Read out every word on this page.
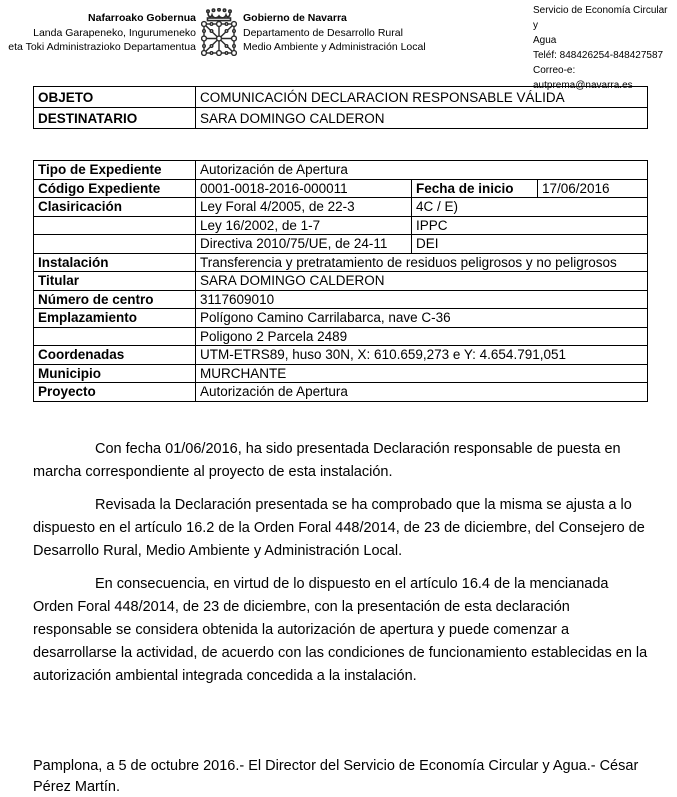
Nafarroako Gobernua
Landa Garapeneko, Ingurumeneko
eta Toki Administrazioko Departamentua
Gobierno de Navarra
Departamento de Desarrollo Rural
Medio Ambiente y Administración Local
Servicio de Economía Circular y
Agua
Teléf: 848426254-848427587
Correo-e: autprema@navarra.es
OBJETO	COMUNICACIÓN DECLARACION RESPONSABLE VÁLIDA
DESTINATARIO	SARA DOMINGO CALDERON
Tipo de Expediente	Autorización de Apertura		
Código Expediente	0001-0018-2016-000011	Fecha de inicio	17/06/2016
Clasiricación	Ley Foral 4/2005, de 22-3	4C / E)	
	Ley 16/2002, de 1-7	IPPC	
	Directiva 2010/75/UE, de 24-11	DEI	
Instalación	Transferencia y pretratamiento de residuos peligrosos y no peligrosos		
Titular	SARA DOMINGO CALDERON		
Número de centro	3117609010		
Emplazamiento	Polígono Camino Carrilabarca, nave C-36		
	Poligono 2 Parcela 2489		
Coordenadas	UTM-ETRS89, huso 30N, X: 610.659,273 e Y: 4.654.791,051		
Municipio	MURCHANTE		
Proyecto	Autorización de Apertura		

Con fecha 01/06/2016, ha sido presentada Declaración responsable de puesta en marcha correspondiente al proyecto de esta instalación.

Revisada la Declaración presentada se ha comprobado que la misma se ajusta a lo dispuesto en el artículo 16.2 de la Orden Foral 448/2014, de 23 de diciembre, del Consejero de Desarrollo Rural, Medio Ambiente y Administración Local.

En consecuencia, en virtud de lo dispuesto en el artículo 16.4 de la mencianada Orden Foral 448/2014, de 23 de diciembre, con la presentación de esta declaración responsable se considera obtenida la autorización de apertura y puede comenzar a desarrollarse la actividad, de acuerdo con las condiciones de funcionamiento establecidas en la autorización ambiental integrada concedida a la instalación.

Pamplona, a 5 de octubre 2016.- El Director del Servicio de Economía Circular y Agua.- César Pérez Martín.
